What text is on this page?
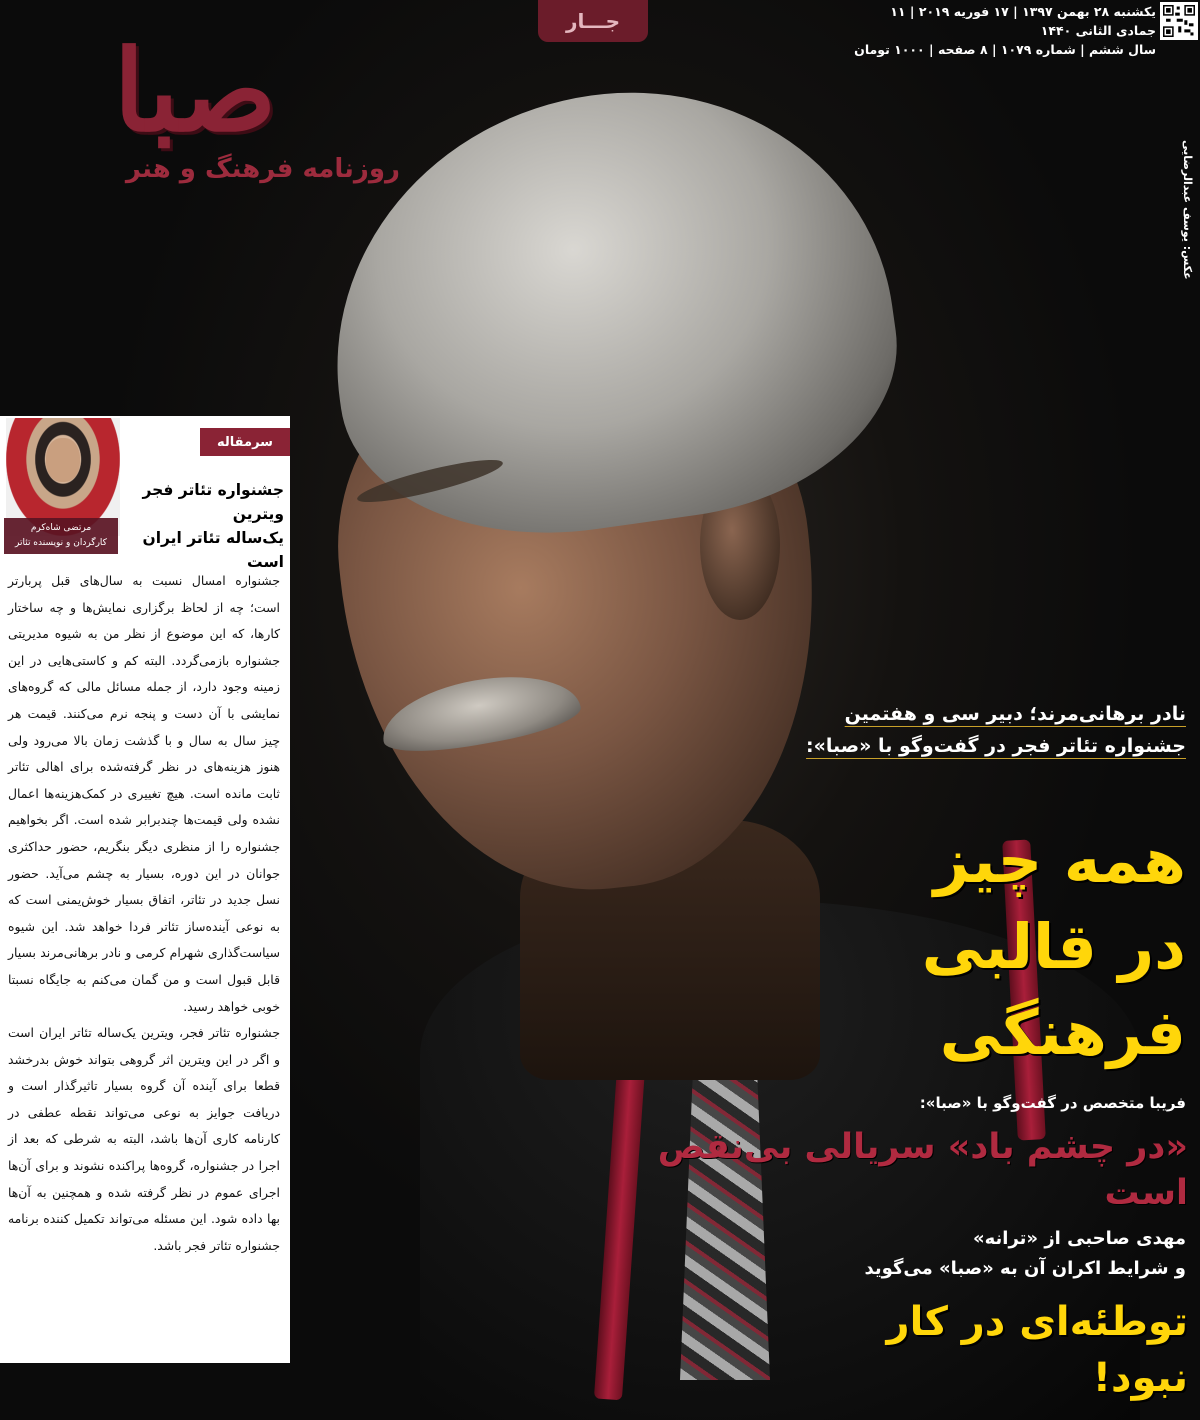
صبا
روزنامه فرهنگ و هنر
جـــار	یکشنبه ۲۸ بهمن ۱۳۹۷ | ۱۷ فوریه ۲۰۱۹ | ۱۱ جمادی الثانی ۱۴۴۰
سال ششم | شماره ۱۰۷۹ | ۸ صفحه | ۱۰۰۰ تومان
عکس: یوسف عبدالرضایی
مرتضی شاه‌کرم
کارگردان و نویسنده تئاتر
سرمقاله
جشنواره تئاتر فجر ویترین
یک‌ساله تئاتر ایران است

جشنواره امسال نسبت به سال‌های قبل پربارتر است؛ چه از لحاظ برگزاری نمایش‌ها و چه ساختار کارها، که این موضوع از نظر من به شیوه مدیریتی جشنواره بازمی‌گردد. البته کم و کاستی‌هایی در این زمینه وجود دارد، از جمله مسائل مالی که گروه‌های نمایشی با آن دست و پنجه نرم می‌کنند. قیمت هر چیز سال به سال و با گذشت زمان بالا می‌رود ولی هنوز هزینه‌های در نظر گرفته‌شده برای اهالی تئاتر ثابت مانده است. هیچ تغییری در کمک‌هزینه‌ها اعمال نشده ولی قیمت‌ها چندبرابر شده است. اگر بخواهیم جشنواره را از منظری دیگر بنگریم، حضور حداکثری جوانان در این دوره، بسیار به چشم می‌آید. حضور نسل جدید در تئاتر، اتفاق بسیار خوش‌یمنی است که به نوعی آینده‌ساز تئاتر فردا خواهد شد. این شیوه سیاست‌گذاری شهرام کرمی و نادر برهانی‌مرند بسیار قابل قبول است و من گمان می‌کنم به جایگاه نسبتا خوبی خواهد رسید.

جشنواره تئاتر فجر، ویترین یک‌ساله تئاتر ایران است و اگر در این ویترین اثر گروهی بتواند خوش بدرخشد قطعا برای آینده آن گروه بسیار تاثیرگذار است و دریافت جوایز به نوعی می‌تواند نقطه عطفی در کارنامه کاری آن‌ها باشد، البته به شرطی که بعد از اجرا در جشنواره، گروه‌ها پراکنده نشوند و برای آن‌ها اجرای عموم در نظر گرفته شده و همچنین به آن‌ها بها داده شود. این مسئله می‌تواند تکمیل کننده برنامه جشنواره تئاتر فجر باشد.

نادر برهانی‌مرند؛ دبیر سی و هفتمین
جشنواره تئاتر فجر در گفت‌وگو با «صبا»:
همه چیز
در قالبی فرهنگی
فریبا متخصص در گفت‌وگو با «صبا»:
«در چشم باد» سریالی بی‌نقص است
مهدی صاحبی از «ترانه»
و شرایط اکران آن به «صبا» می‌گوید
توطئه‌ای در کار نبود!
